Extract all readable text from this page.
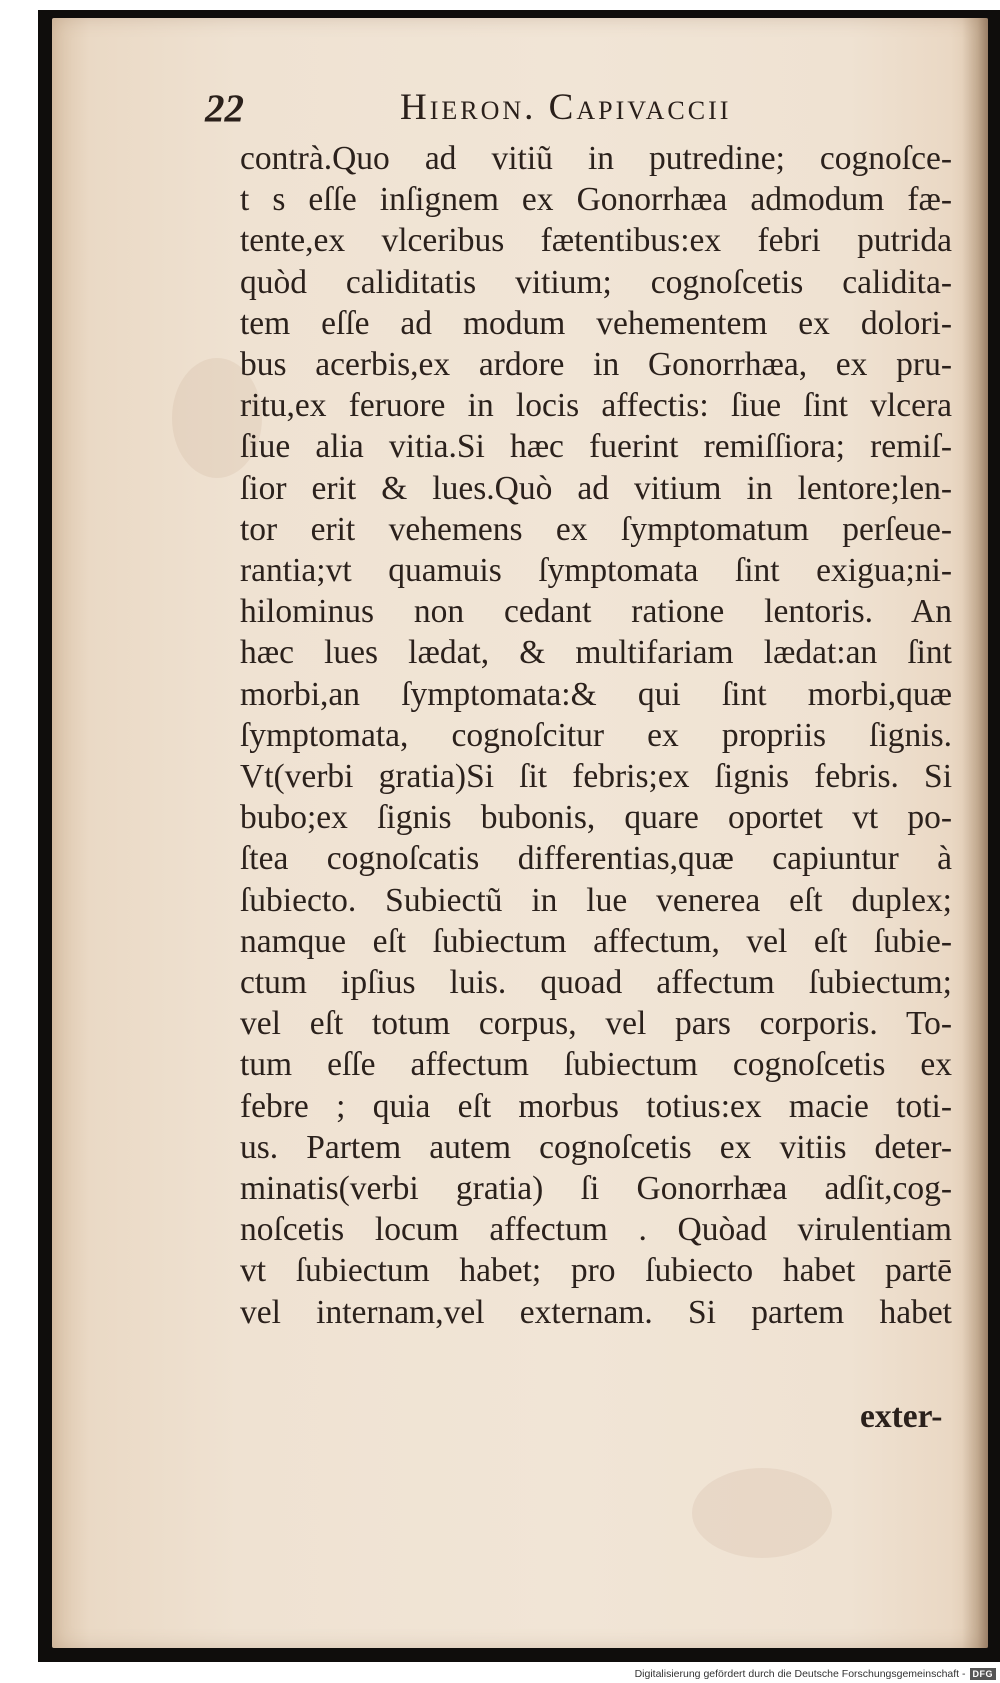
22	Hieron. Capivaccii
contrà.Quo ad vitiũ in putredine; cognoſce-
t s eſſe inſignem ex Gonorrhæa admodum fæ-
tente,ex vlceribus fætentibus:ex febri putrida
quòd caliditatis vitium; cognoſcetis calidita-
tem eſſe ad modum vehementem ex dolori-
bus acerbis,ex ardore in Gonorrhæa, ex pru-
ritu,ex feruore in locis affectis: ſiue ſint vlcera
ſiue alia vitia.Si hæc fuerint remiſſiora; remiſ-
ſior erit & lues.Quò ad vitium in lentore;len-
tor erit vehemens ex ſymptomatum perſeue-
rantia;vt quamuis ſymptomata ſint exigua;ni-
hilominus non cedant ratione lentoris. An
hæc lues lædat, & multifariam lædat:an ſint
morbi,an ſymptomata:& qui ſint morbi,quæ
ſymptomata, cognoſcitur ex propriis ſignis.
Vt(verbi gratia)Si ſit febris;ex ſignis febris. Si
bubo;ex ſignis bubonis, quare oportet vt po-
ſtea cognoſcatis differentias,quæ capiuntur à
ſubiecto. Subiectũ in lue venerea eſt duplex;
namque eſt ſubiectum affectum, vel eſt ſubie-
ctum ipſius luis. quoad affectum ſubiectum;
vel eſt totum corpus, vel pars corporis. To-
tum eſſe affectum ſubiectum cognoſcetis ex
febre ; quia eſt morbus totius:ex macie toti-
us. Partem autem cognoſcetis ex vitiis deter-
minatis(verbi gratia) ſi Gonorrhæa adſit,cog-
noſcetis locum affectum . Quòad virulentiam
vt ſubiectum habet; pro ſubiecto habet partē
vel internam,vel externam. Si partem habet
exter-
Digitalisierung gefördert durch die Deutsche Forschungsgemeinschaft - DFG
